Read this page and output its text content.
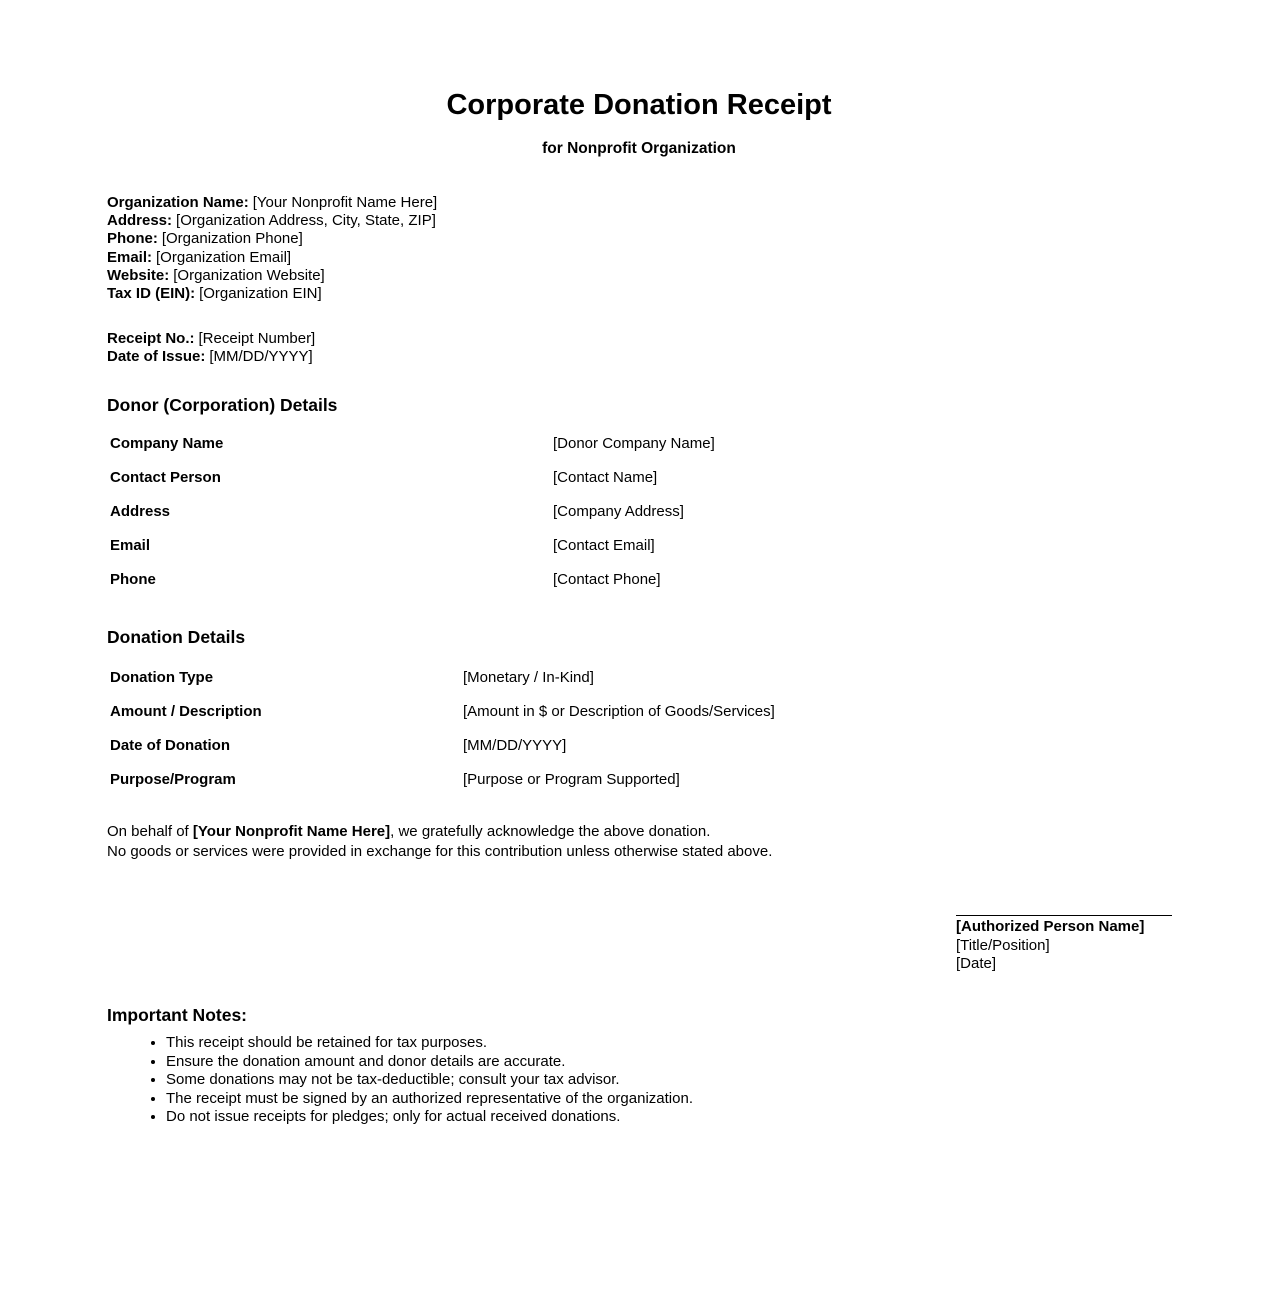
Corporate Donation Receipt
for Nonprofit Organization
Organization Name: [Your Nonprofit Name Here]
Address: [Organization Address, City, State, ZIP]
Phone: [Organization Phone]
Email: [Organization Email]
Website: [Organization Website]
Tax ID (EIN): [Organization EIN]
Receipt No.: [Receipt Number]
Date of Issue: [MM/DD/YYYY]
Donor (Corporation) Details
Company Name	[Donor Company Name]
Contact Person	[Contact Name]
Address	[Company Address]
Email	[Contact Email]
Phone	[Contact Phone]
Donation Details
Donation Type	[Monetary / In-Kind]
Amount / Description	[Amount in $ or Description of Goods/Services]
Date of Donation	[MM/DD/YYYY]
Purpose/Program	[Purpose or Program Supported]
On behalf of [Your Nonprofit Name Here], we gratefully acknowledge the above donation.
No goods or services were provided in exchange for this contribution unless otherwise stated above.
[Authorized Person Name]
[Title/Position]
[Date]
Important Notes:
• This receipt should be retained for tax purposes.
• Ensure the donation amount and donor details are accurate.
• Some donations may not be tax-deductible; consult your tax advisor.
• The receipt must be signed by an authorized representative of the organization.
• Do not issue receipts for pledges; only for actual received donations.
